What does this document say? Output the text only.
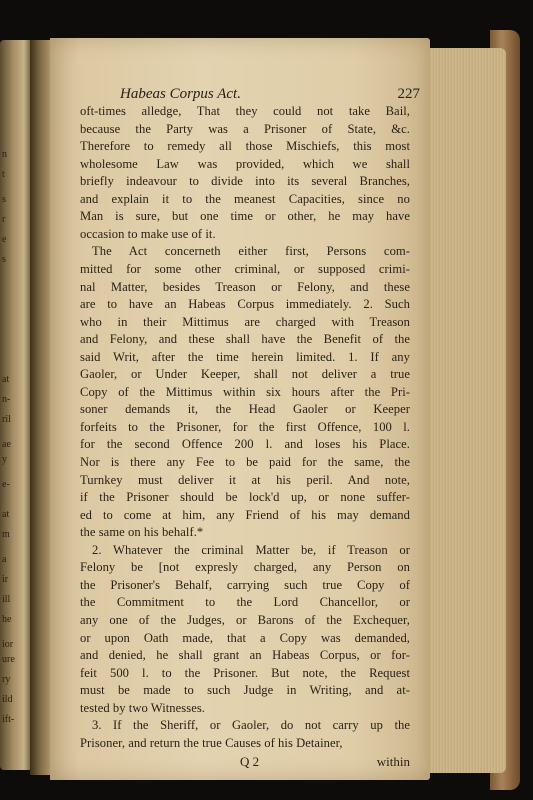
n
t
s
r
e
s
at
n-
ril
ae
y
e-
at
m
a
ir
ill
he
ior
ure
ry
ild
ift-
Habeas Corpus Act.	227
Q 2	within
oft-times alledge, That they could not take Bail,
because the Party was a Prisoner of State, &c.
Therefore to remedy all those Mischiefs, this most
wholesome Law was provided, which we shall
briefly indeavour to divide into its several Branches,
and explain it to the meanest Capacities, since no
Man is sure, but one time or other, he may have
occasion to make use of it.
The Act concerneth either first, Persons com-
mitted for some other criminal, or supposed crimi-
nal Matter, besides Treason or Felony, and these
are to have an Habeas Corpus immediately. 2. Such
who in their Mittimus are charged with Treason
and Felony, and these shall have the Benefit of the
said Writ, after the time herein limited. 1. If any
Gaoler, or Under Keeper, shall not deliver a true
Copy of the Mittimus within six hours after the Pri-
soner demands it, the Head Gaoler or Keeper
forfeits to the Prisoner, for the first Offence, 100 l.
for the second Offence 200 l. and loses his Place.
Nor is there any Fee to be paid for the same, the
Turnkey must deliver it at his peril. And note,
if the Prisoner should be lock'd up, or none suffer-
ed to come at him, any Friend of his may demand
the same on his behalf.*
2. Whatever the criminal Matter be, if Treason or
Felony be [not expresly charged, any Person on
the Prisoner's Behalf, carrying such true Copy of
the Commitment to the Lord Chancellor, or
any one of the Judges, or Barons of the Exchequer,
or upon Oath made, that a Copy was demanded,
and denied, he shall grant an Habeas Corpus, or for-
feit 500 l. to the Prisoner. But note, the Request
must be made to such Judge in Writing, and at-
tested by two Witnesses.
3. If the Sheriff, or Gaoler, do not carry up the
Prisoner, and return the true Causes of his Detainer,
